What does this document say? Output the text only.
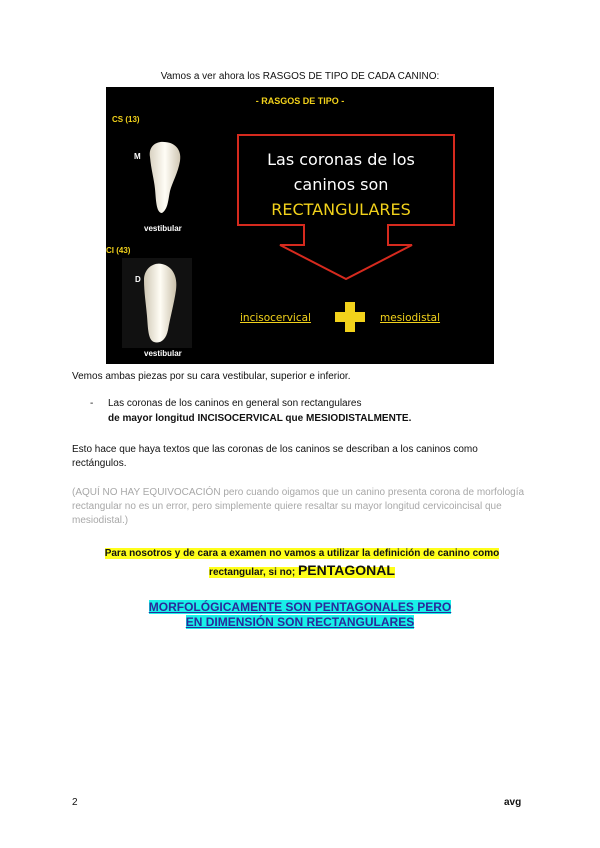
Vamos a ver ahora los RASGOS DE TIPO DE CADA CANINO:
- RASGOS DE TIPO -
CS (13)
CI (43)
M
D
vestibular
vestibular
Las coronas de los
caninos son
RECTANGULARES
incisocervical	mesiodistal
Vemos ambas piezas por su cara vestibular, superior e inferior.
- Las coronas de los caninos en general son rectangulares
de mayor longitud INCISOCERVICAL que MESIODISTALMENTE.
Esto hace que haya textos que las coronas de los caninos se describan a los caninos como rectángulos.
(AQUÍ NO HAY EQUIVOCACIÓN pero cuando oigamos que un canino presenta corona de morfología rectangular no es un error, pero simplemente quiere resaltar su mayor longitud cervicoincisal que mesiodistal.)
Para nosotros y de cara a examen no vamos a utilizar la definición de canino como
rectangular, si no; PENTAGONAL
MORFOLÓGICAMENTE SON PENTAGONALES PERO
EN DIMENSIÓN SON RECTANGULARES
2	avg
